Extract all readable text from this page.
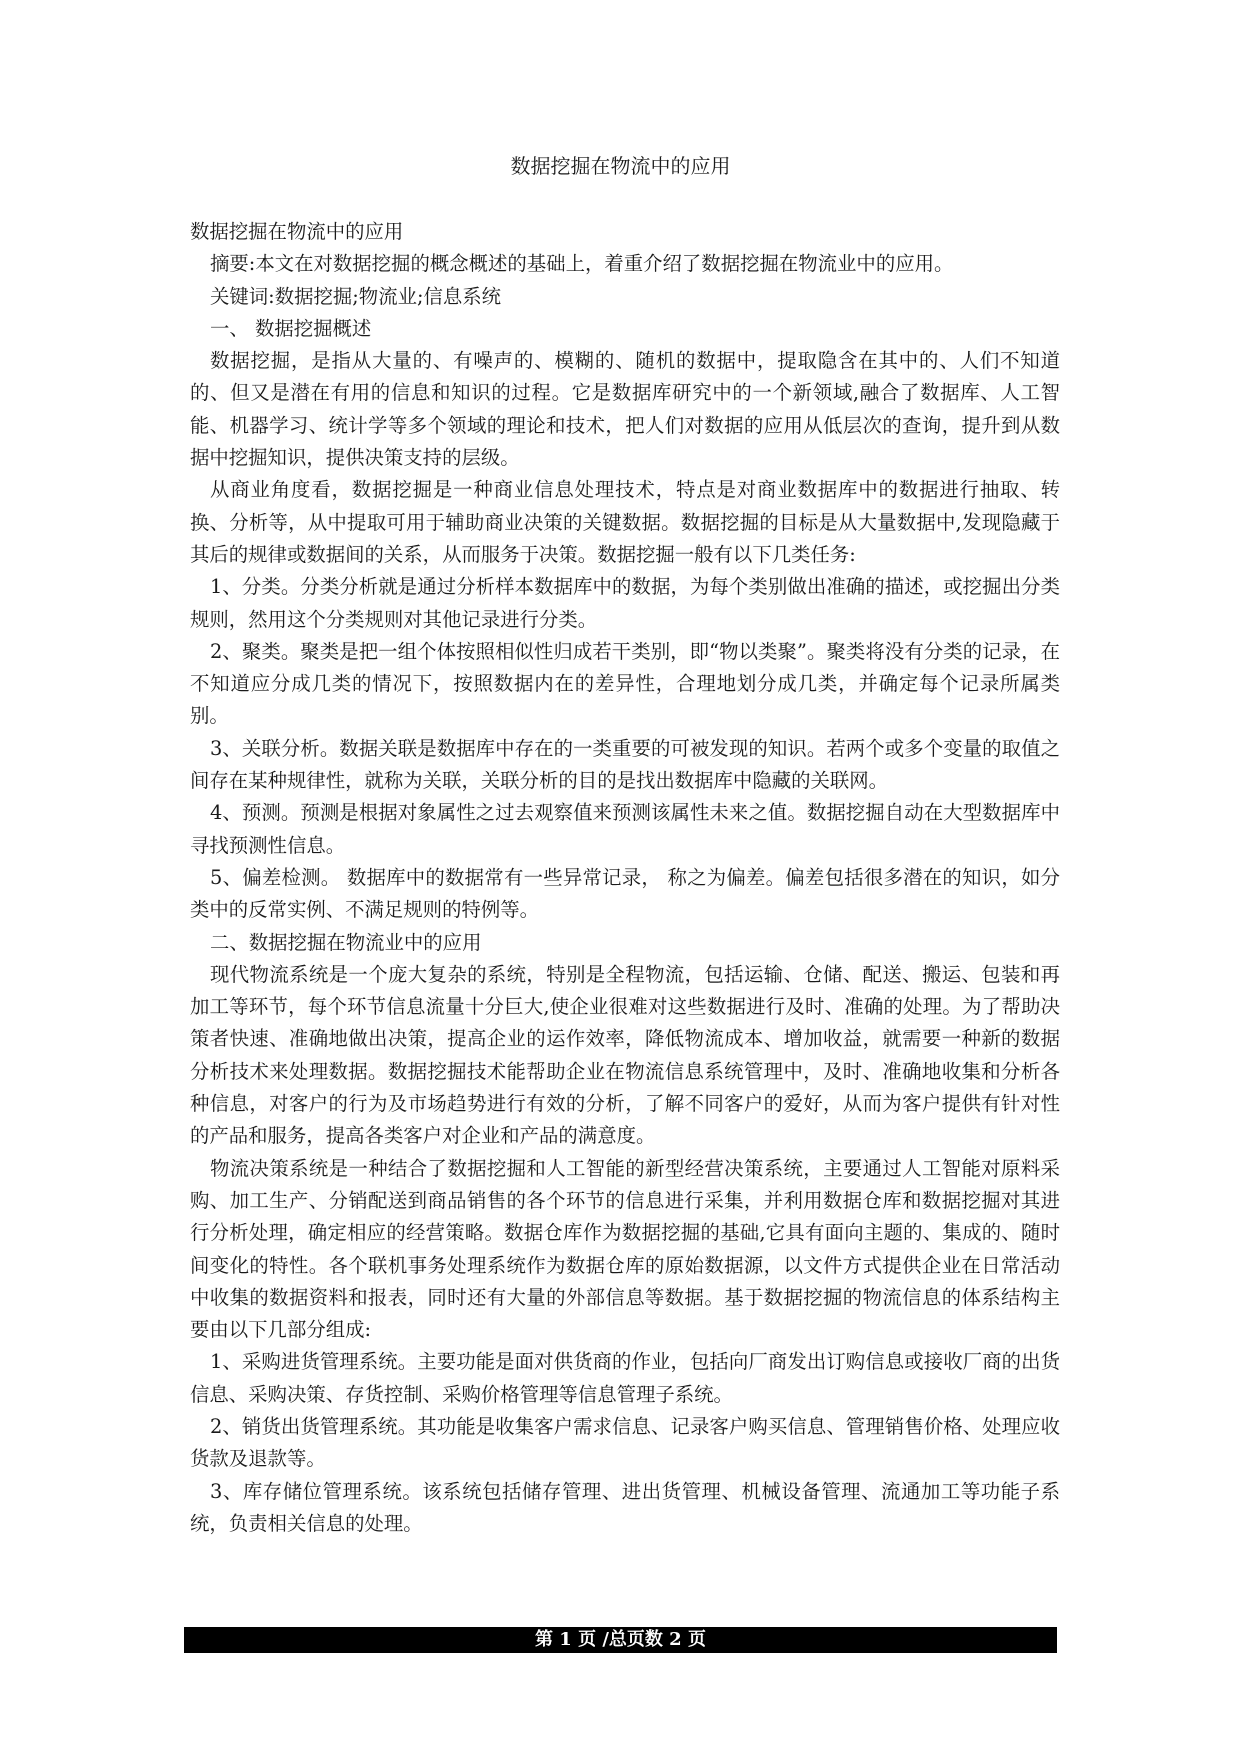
数据挖掘在物流中的应用

数据挖掘在物流中的应用

摘要:本文在对数据挖掘的概念概述的基础上，着重介绍了数据挖掘在物流业中的应用。

关键词:数据挖掘;物流业;信息系统

一、 数据挖掘概述

数据挖掘，是指从大量的、有噪声的、模糊的、随机的数据中，提取隐含在其中的、人们不知道的、但又是潜在有用的信息和知识的过程。它是数据库研究中的一个新领域,融合了数据库、人工智能、机器学习、统计学等多个领域的理论和技术，把人们对数据的应用从低层次的查询，提升到从数据中挖掘知识，提供决策支持的层级。

从商业角度看，数据挖掘是一种商业信息处理技术，特点是对商业数据库中的数据进行抽取、转换、分析等，从中提取可用于辅助商业决策的关键数据。数据挖掘的目标是从大量数据中,发现隐藏于其后的规律或数据间的关系，从而服务于决策。数据挖掘一般有以下几类任务:

1、分类。分类分析就是通过分析样本数据库中的数据，为每个类别做出准确的描述，或挖掘出分类规则，然用这个分类规则对其他记录进行分类。

2、聚类。聚类是把一组个体按照相似性归成若干类别，即“物以类聚”。聚类将没有分类的记录，在不知道应分成几类的情况下，按照数据内在的差异性，合理地划分成几类，并确定每个记录所属类别。

3、关联分析。数据关联是数据库中存在的一类重要的可被发现的知识。若两个或多个变量的取值之间存在某种规律性，就称为关联，关联分析的目的是找出数据库中隐藏的关联网。

4、预测。预测是根据对象属性之过去观察值来预测该属性未来之值。数据挖掘自动在大型数据库中寻找预测性信息。

5、偏差检测。 数据库中的数据常有一些异常记录， 称之为偏差。偏差包括很多潜在的知识，如分类中的反常实例、不满足规则的特例等。

二、数据挖掘在物流业中的应用

现代物流系统是一个庞大复杂的系统，特别是全程物流，包括运输、仓储、配送、搬运、包装和再加工等环节，每个环节信息流量十分巨大,使企业很难对这些数据进行及时、准确的处理。为了帮助决策者快速、准确地做出决策，提高企业的运作效率，降低物流成本、增加收益，就需要一种新的数据分析技术来处理数据。数据挖掘技术能帮助企业在物流信息系统管理中，及时、准确地收集和分析各种信息，对客户的行为及市场趋势进行有效的分析，了解不同客户的爱好，从而为客户提供有针对性的产品和服务，提高各类客户对企业和产品的满意度。

物流决策系统是一种结合了数据挖掘和人工智能的新型经营决策系统，主要通过人工智能对原料采购、加工生产、分销配送到商品销售的各个环节的信息进行采集，并利用数据仓库和数据挖掘对其进行分析处理，确定相应的经营策略。数据仓库作为数据挖掘的基础,它具有面向主题的、集成的、随时间变化的特性。各个联机事务处理系统作为数据仓库的原始数据源，以文件方式提供企业在日常活动中收集的数据资料和报表，同时还有大量的外部信息等数据。基于数据挖掘的物流信息的体系结构主要由以下几部分组成:

1、采购进货管理系统。主要功能是面对供货商的作业，包括向厂商发出订购信息或接收厂商的出货信息、采购决策、存货控制、采购价格管理等信息管理子系统。

2、销货出货管理系统。其功能是收集客户需求信息、记录客户购买信息、管理销售价格、处理应收货款及退款等。

3、库存储位管理系统。该系统包括储存管理、进出货管理、机械设备管理、流通加工等功能子系统，负责相关信息的处理。

第 1 页 /总页数 2 页
